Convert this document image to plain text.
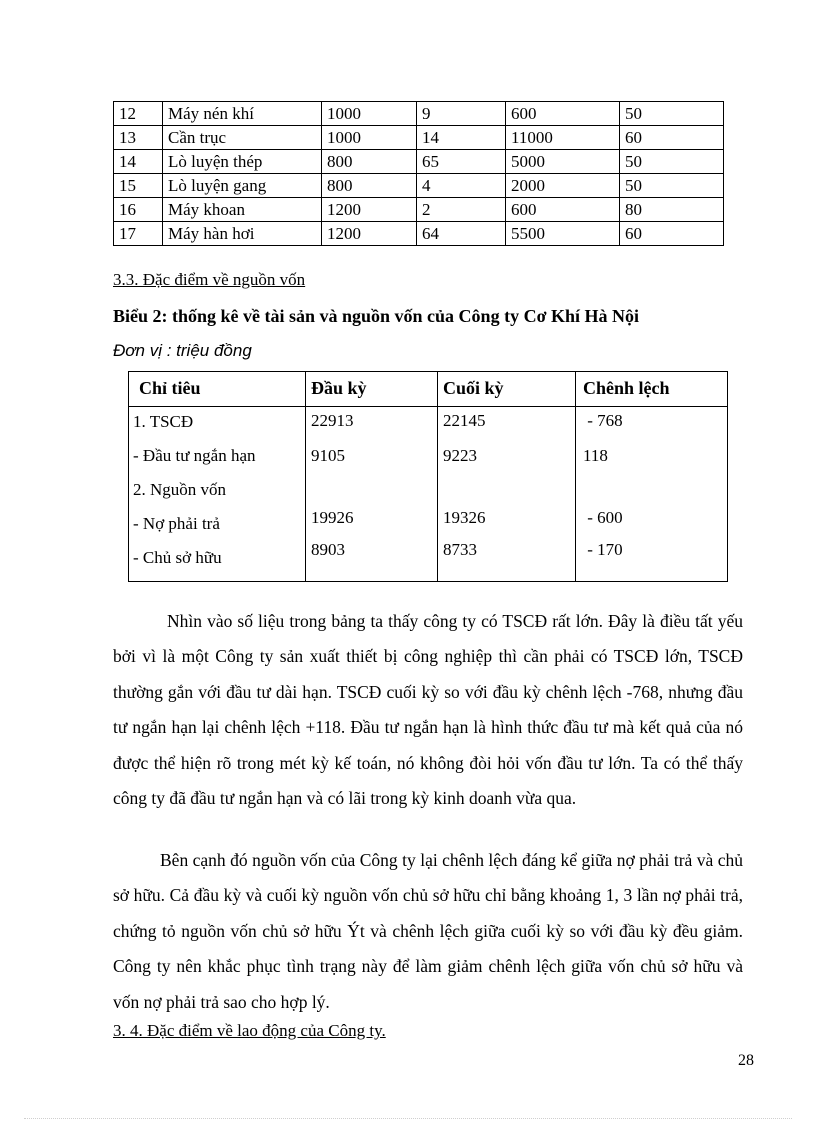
12	Máy nén khí	1000	9	600	50
13	Cần trục	1000	14	11000	60
14	Lò luyện thép	800	65	5000	50
15	Lò luyện gang	800	4	2000	50
16	Máy khoan	1200	2	600	80
17	Máy hàn hơi	1200	64	5500	60
3.3. Đặc điểm về nguồn vốn
Biểu 2: thống kê về tài sản và nguồn vốn của Công ty Cơ Khí Hà Nội
Đơn vị : triệu đồng
Chỉ tiêu	Đầu kỳ	Cuối kỳ	Chênh lệch
1. TSCĐ	22913	22145	- 768
- Đầu tư ngắn hạn	9105	9223	118
2. Nguồn vốn
- Nợ phải trả	19926	19326	- 600
- Chủ sở hữu	8903	8733	- 170

Nhìn vào số liệu trong bảng ta thấy công ty có TSCĐ rất lớn. Đây là điều tất yếu bởi vì là một Công ty sản xuất thiết bị công nghiệp thì cần phải có TSCĐ lớn, TSCĐ thường gắn với đầu tư dài hạn. TSCĐ cuối kỳ so với đầu kỳ chênh lệch -768, nhưng đầu tư ngắn hạn lại chênh lệch +118. Đầu tư ngắn hạn là hình thức đầu tư mà kết quả của nó được thể hiện rõ trong mét kỳ kế toán, nó không đòi hỏi vốn đầu tư lớn. Ta có thể thấy công ty đã đầu tư ngắn hạn và có lãi trong kỳ kinh doanh vừa qua.

Bên cạnh đó nguồn vốn của Công ty lại chênh lệch đáng kể giữa nợ phải trả và chủ sở hữu. Cả đầu kỳ và cuối kỳ nguồn vốn chủ sở hữu chỉ bằng khoảng 1, 3 lần nợ phải trả, chứng tỏ nguồn vốn chủ sở hữu Ýt và chênh lệch giữa cuối kỳ so với đầu kỳ đều giảm. Công ty nên khắc phục tình trạng này để làm giảm chênh lệch giữa vốn chủ sở hữu và vốn nợ phải trả sao cho hợp lý.

3. 4. Đặc điểm về lao động của Công ty.
28
